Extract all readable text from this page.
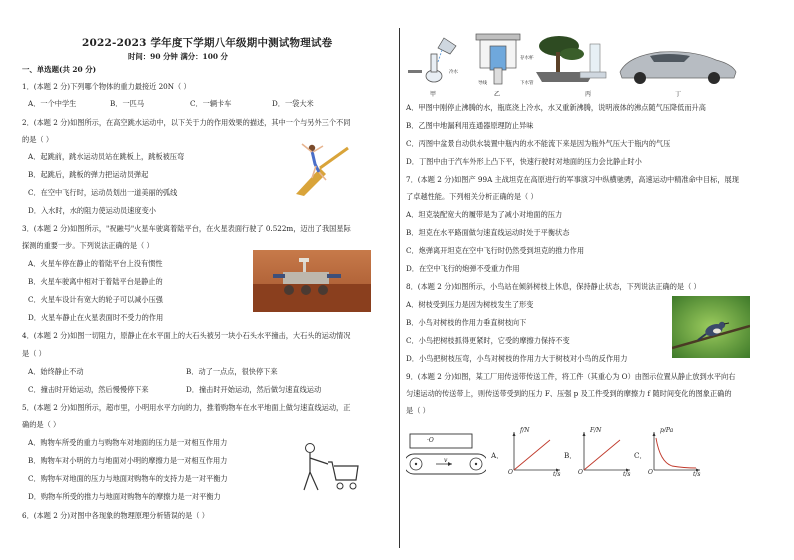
2022-2023 学年度下学期八年级期中测试物理试卷
时间：90 分钟 满分：100 分
一、单选题(共 20 分)
1．(本题 2 分)下列哪个物体的重力最接近 20N（ ）
A．一个中学生	B．一匹马	C．一辆卡车	D．一袋大米
2．(本题 2 分)如图所示，在高空跳水运动中，以下关于力的作用效果的描述，其中一个与另外三个不同
的是（ ）
A．起跳前，跳水运动员站在跳板上，跳板被压弯
B．起跳后，跳板的弹力把运动员弹起
C．在空中飞行时，运动员划出一道美丽的弧线
D．入水时，水的阻力使运动员速度变小
3．(本题 2 分)如图所示，"祝融号"火星车驶离着陆平台，在火星表面行驶了 0.522m，迈出了我国星际
探测的重要一步。下列说法正确的是（ ）
A．火星车停在静止的着陆平台上没有惯性
B．火星车驶离中相对于着陆平台是静止的
C．火星车设计有宽大的轮子可以减小压强
D．火星车静止在火星表面时不受力的作用
4．(本题 2 分)如图一切阻力，原静止在水平面上的大石头被另一块小石头水平撞击，大石头的运动情况
是（ ）
A．始终静止不动	B．动了一点点，很快停下来
C．撞击时开始运动，然后慢慢停下来	D．撞击时开始运动，然后做匀速直线运动
5．(本题 2 分)如图所示，超市里，小明用水平方向的力，推着购物车在水平地面上做匀速直线运动，正
确的是（ ）
A．购物车所受的重力与购物车对地面的压力是一对相互作用力
B．购物车对小明的力与地面对小明的摩擦力是一对相互作用力
C．购物车对地面的压力与地面对购物车的支持力是一对平衡力
D．购物车所受的推力与地面对购物车的摩擦力是一对平衡力
6．(本题 2 分)对图中各现象的物理原理分析错误的是（ ）
甲	乙	丙	丁
冷水
存水杯
下水管
导线
A．甲图中刚停止沸腾的水，瓶底浇上冷水，水又重新沸腾，说明液体的沸点随气压降低而升高
B．乙图中地漏利用连通器原理防止异味
C．丙图中盆景自动供水装置中瓶内的水不能流下来是因为瓶外气压大于瓶内的气压
D．丁图中由于汽车外形上凸下平，快速行驶时对地面的压力会比静止时小
7．(本题 2 分)如图产 99A 主战坦克在高原进行的军事演习中纵横驰骋，高速运动中精准命中目标，展现
了卓越性能。下列相关分析正确的是（ ）
A．坦克装配宽大的履带是为了减小对地面的压力
B．坦克在水平路面做匀速直线运动时处于平衡状态
C．炮弹离开坦克在空中飞行时仍然受到坦克的推力作用
D．在空中飞行的炮弹不受重力作用
8．(本题 2 分)如图所示，小鸟站在倾斜树枝上休息，保持静止状态，下列说法正确的是（ ）
A．树枝受到压力是因为树枝发生了形变
B．小鸟对树枝的作用力垂直树枝向下
C．小鸟把树枝抓得更紧时，它受的摩擦力保持不变
D．小鸟把树枝压弯，小鸟对树枝的作用力大于树枝对小鸟的反作用力
9．(本题 2 分)如图，某工厂用传送带传送工件，将工件（其重心为 O）由图示位置从静止放到水平向右
匀速运动的传送带上，则传送带受到的压力 F、压强 p 及工件受到的摩擦力 f 随时间变化的图象正确的
是（ ）
·O
v
A．
f/N
t/s
O
B．
F/N
t/s
O
C．
p/Pa
t/s
O
